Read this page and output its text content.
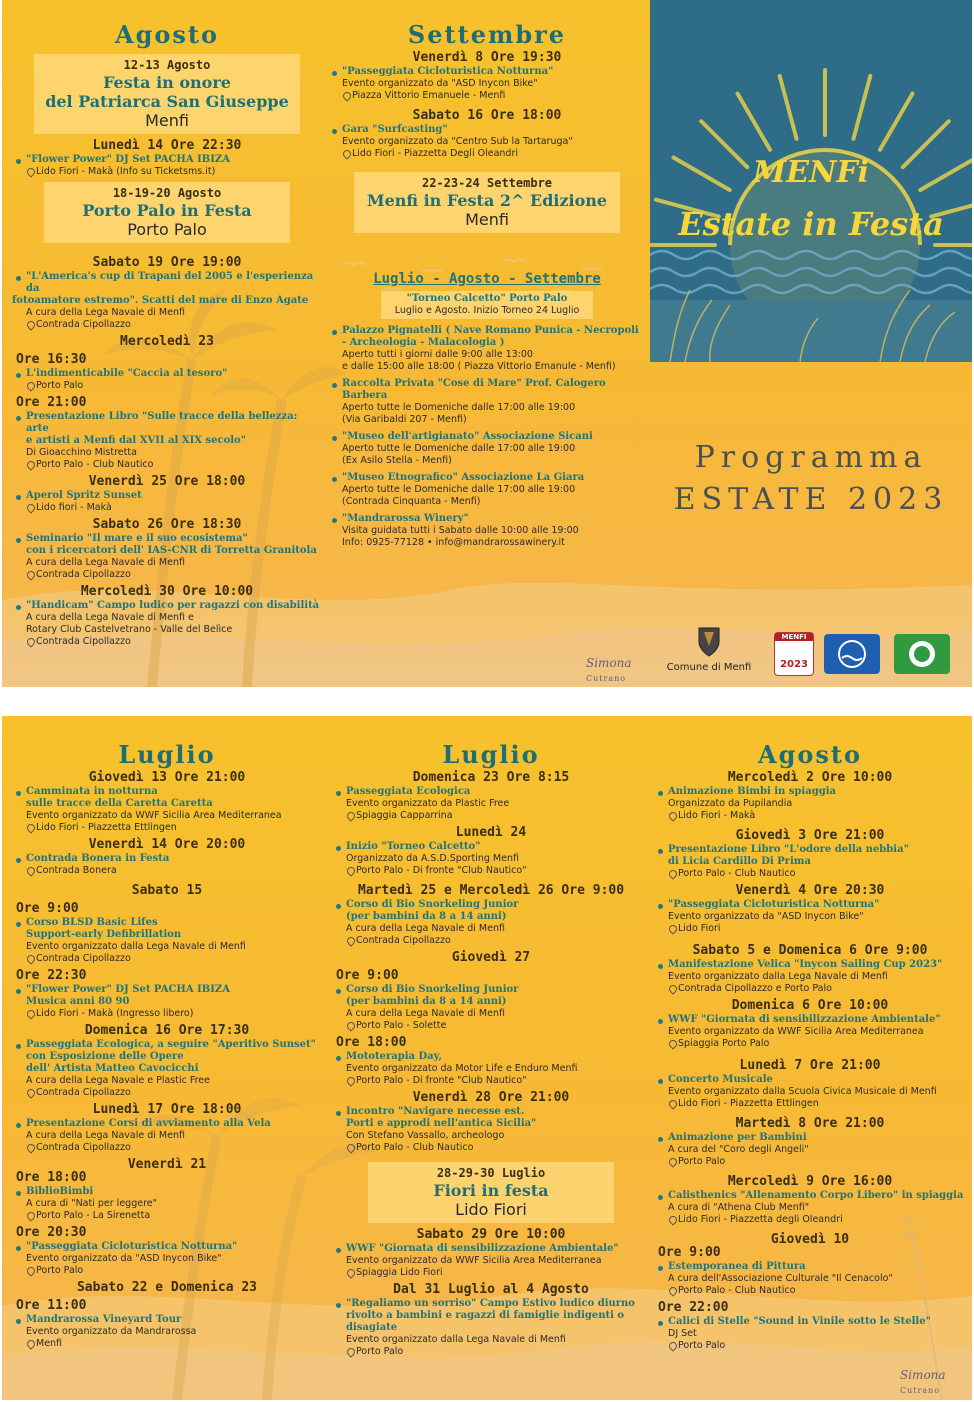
Agosto
12-13 Agosto
Festa in onore
del Patriarca San Giuseppe
Menfi
Lunedì 14 Ore 22:30
"Flower Power" DJ Set PACHA IBIZA
Lido Fiori - Makà (Info su Ticketsms.it)
18-19-20 Agosto
Porto Palo in Festa
Porto Palo
Sabato 19 Ore 19:00
"L'America's cup di Trapani del 2005 e l'esperienza da
fotoamatore estremo". Scatti del mare di Enzo Agate
A cura della Lega Navale di Menfi
Contrada Cipollazzo
Mercoledì 23
Ore 16:30
L'indimenticabile "Caccia al tesoro"
Porto Palo
Ore 21:00
Presentazione Libro "Sulle tracce della bellezza: arte
e artisti a Menfi dal XVII al XIX secolo"
Di Gioacchino Mistretta
Porto Palo - Club Nautico
Venerdì 25 Ore 18:00
Aperol Spritz Sunset
Lido fiori - Makà
Sabato 26 Ore 18:30
Seminario "Il mare e il suo ecosistema"
con i ricercatori dell' IAS-CNR di Torretta Granitola
A cura della Lega Navale di Menfi
Contrada Cipollazzo
Mercoledì 30 Ore 10:00
"Handicam" Campo ludico per ragazzi con disabilità
A cura della Lega Navale di Menfi e
Rotary Club Castelvetrano - Valle del Belìce
Contrada Cipollazzo
Settembre
Venerdì 8 Ore 19:30
"Passeggiata Cicloturistica Notturna"
Evento organizzato da "ASD Inycon Bike"
Piazza Vittorio Emanuele - Menfi
Sabato 16 Ore 18:00
Gara "Surfcasting"
Evento organizzato da "Centro Sub la Tartaruga"
Lido Fiori - Piazzetta Degli Oleandri
22-23-24 Settembre
Menfi in Festa 2^ Edizione
Menfi
Luglio - Agosto - Settembre
"Torneo Calcetto" Porto Palo
Luglio e Agosto. Inizio Torneo 24 Luglio
Palazzo Pignatelli ( Nave Romano Punica - Necropoli
- Archeologia - Malacologia )
Aperto tutti i giorni dalle 9:00 alle 13:00
e dalle 15:00 alle 18:00 ( Piazza Vittorio Emanule - Menfi)
Raccolta Privata "Cose di Mare" Prof. Calogero Barbera
Aperto tutte le Domeniche dalle 17:00 alle 19:00
(Via Garibaldi 207 - Menfi)
"Museo dell'artigianato" Associazione Sicani
Aperto tutte le Domeniche dalle 17:00 alle 19:00
(Ex Asilo Stella - Menfi)
"Museo Etnografico" Associazione La Giara
Aperto tutte le Domeniche dalle 17:00 alle 19:00
(Contrada Cinquanta - Menfi)
"Mandrarossa Winery"
Visita guidata tutti i Sabato dalle 10:00 alle 19:00
Info: 0925-77128 • info@mandrarossawinery.it
Simona
Cutrano
MENFi
Estate in Festa
Programma
ESTATE 2023
Comune di Menfi
MENFI
2023
Luglio
Giovedì 13 Ore 21:00
Camminata in notturna
sulle tracce della Caretta Caretta
Evento organizzato da WWF Sicilia Area Mediterranea
Lido Fiori - Piazzetta Ettlingen
Venerdì 14 Ore 20:00
Contrada Bonera in Festa
Contrada Bonera
Sabato 15
Ore 9:00
Corso BLSD Basic Lifes
Support-early Defibrillation
Evento organizzato dalla Lega Navale di Menfi
Contrada Cipollazzo
Ore 22:30
"Flower Power" DJ Set PACHA IBIZA
Musica anni 80 90
Lido Fiori - Makà (Ingresso libero)
Domenica 16 Ore 17:30
Passeggiata Ecologica, a seguire "Aperitivo Sunset"
con Esposizione delle Opere
dell' Artista Matteo Cavocicchi
A cura della Lega Navale e Plastic Free
Contrada Cipollazzo
Lunedì 17 Ore 18:00
Presentazione Corsi di avviamento alla Vela
A cura della Lega Navale di Menfi
Contrada Cipollazzo
Venerdì 21
Ore 18:00
BiblioBimbi
A cura di "Nati per leggere"
Porto Palo - La Sirenetta
Ore 20:30
"Passeggiata Cicloturistica Notturna"
Evento organizzato da "ASD Inycon Bike"
Porto Palo
Sabato 22 e Domenica 23
Ore 11:00
Mandrarossa Vineyard Tour
Evento organizzato da Mandrarossa
Menfi
Luglio
Domenica 23 Ore 8:15
Passeggiata Ecologica
Evento organizzato da Plastic Free
Spiaggia Capparrina
Lunedì 24
Inizio "Torneo Calcetto"
Organizzato da A.S.D.Sporting Menfi
Porto Palo - Di fronte "Club Nautico"
Martedì 25 e Mercoledì 26 Ore 9:00
Corso di Bio Snorkeling Junior
(per bambini da 8 a 14 anni)
A cura della Lega Navale di Menfi
Contrada Cipollazzo
Giovedì 27
Ore 9:00
Corso di Bio Snorkeling Junior
(per bambini da 8 a 14 anni)
A cura della Lega Navale di Menfi
Porto Palo - Solette
Ore 18:00
Mototerapia Day,
Evento organizzato da Motor Life e Enduro Menfi
Porto Palo - Di fronte "Club Nautico"
Venerdì 28 Ore 21:00
Incontro "Navigare necesse est.
Porti e approdi nell'antica Sicilia"
Con Stefano Vassallo, archeologo
Porto Palo - Club Nautico
28-29-30 Luglio
Fiori in festa
Lido Fiori
Sabato 29 Ore 10:00
WWF "Giornata di sensibilizzazione Ambientale"
Evento organizzato da WWF Sicilia Area Mediterranea
Spiaggia Lido Fiori
Dal 31 Luglio al 4 Agosto
"Regaliamo un sorriso" Campo Estivo ludico diurno
rivolto a bambini e ragazzi di famiglie indigenti o
disagiate
Evento organizzato dalla Lega Navale di Menfi
Porto Palo
Agosto
Mercoledì 2 Ore 10:00
Animazione Bimbi in spiaggia
Organizzato da Pupilandia
Lido Fiori - Makà
Giovedì 3 Ore 21:00
Presentazione Libro "L'odore della nebbia"
di Licia Cardillo Di Prima
Porto Palo - Club Nautico
Venerdì 4 Ore 20:30
"Passeggiata Cicloturistica Notturna"
Evento organizzato da "ASD Inycon Bike"
Lido Fiori
Sabato 5 e Domenica 6 Ore 9:00
Manifestazione Velica "Inycon Sailing Cup 2023"
Evento organizzato dalla Lega Navale di Menfi
Contrada Cipollazzo e Porto Palo
Domenica 6 Ore 10:00
WWF "Giornata di sensibilizzazione Ambientale"
Evento organizzato da WWF Sicilia Area Mediterranea
Spiaggia Porto Palo
Lunedì 7 Ore 21:00
Concerto Musicale
Evento organizzato dalla Scuola Civica Musicale di Menfi
Lido Fiori - Piazzetta Ettlingen
Martedì 8 Ore 21:00
Animazione per Bambini
A cura del "Coro degli Angeli"
Porto Palo
Mercoledì 9 Ore 16:00
Calisthenics "Allenamento Corpo Libero" in spiaggia
A cura di "Athena Club Menfi"
Lido Fiori - Piazzetta degli Oleandri
Giovedì 10
Ore 9:00
Estemporanea di Pittura
A cura dell'Associazione Culturale "Il Cenacolo"
Porto Palo - Club Nautico
Ore 22:00
Calici di Stelle "Sound in Vinile sotto le Stelle"
DJ Set
Porto Palo
Simona
Cutrano
